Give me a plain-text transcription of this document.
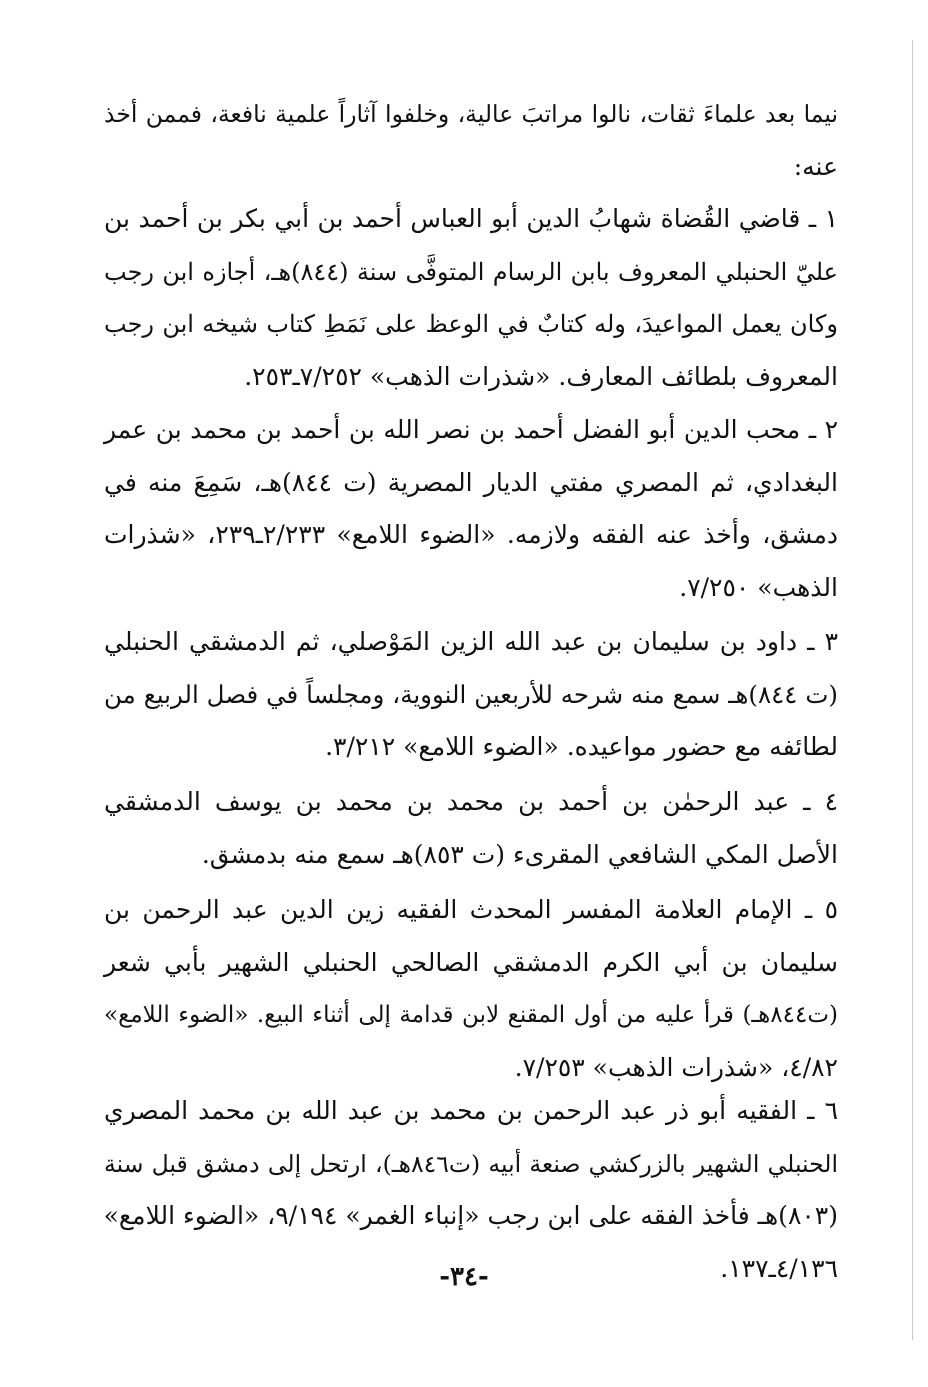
نيما بعد علماءَ ثقات، نالوا مراتبَ عالية، وخلفوا آثاراً علمية نافعة، فممن أخذ
عنه:
١ ـ قاضي القُضاة شهابُ الدين أبو العباس أحمد بن أبي بكر بن أحمد بن
عليّ الحنبلي المعروف بابن الرسام المتوفَّى سنة (٨٤٤)هـ، أجازه ابن رجب
وكان يعمل المواعيدَ، وله كتابٌ في الوعظ على نَمَطِ كتاب شيخه ابن رجب
المعروف بلطائف المعارف. «شذرات الذهب» ٧/٢٥٢ـ٢٥٣.
٢ ـ محب الدين أبو الفضل أحمد بن نصر الله بن أحمد بن محمد بن عمر
البغدادي، ثم المصري مفتي الديار المصرية (ت ٨٤٤)هـ، سَمِعَ منه في
دمشق، وأخذ عنه الفقه ولازمه. «الضوء اللامع» ٢/٢٣٣ـ٢٣٩، «شذرات
الذهب» ٧/٢٥٠.
٣ ـ داود بن سليمان بن عبد الله الزين المَوْصلي، ثم الدمشقي الحنبلي
(ت ٨٤٤)هـ سمع منه شرحه للأربعين النووية، ومجلساً في فصل الربيع من
لطائفه مع حضور مواعيده. «الضوء اللامع» ٣/٢١٢.
٤ ـ عبد الرحمٰن بن أحمد بن محمد بن محمد بن يوسف الدمشقي
الأصل المكي الشافعي المقرىء (ت ٨٥٣)هـ سمع منه بدمشق.
٥ ـ الإمام العلامة المفسر المحدث الفقيه زين الدين عبد الرحمن بن
سليمان بن أبي الكرم الدمشقي الصالحي الحنبلي الشهير بأبي شعر
(ت٨٤٤هـ) قرأ عليه من أول المقنع لابن قدامة إلى أثناء البيع. «الضوء اللامع»
٤/٨٢، «شذرات الذهب» ٧/٢٥٣.
٦ ـ الفقيه أبو ذر عبد الرحمن بن محمد بن عبد الله بن محمد المصري
الحنبلي الشهير بالزركشي صنعة أبيه (ت٨٤٦هـ)، ارتحل إلى دمشق قبل سنة
(٨٠٣)هـ فأخذ الفقه على ابن رجب «إنباء الغمر» ٩/١٩٤، «الضوء اللامع»
٤/١٣٦ـ١٣٧.
-٣٤-
